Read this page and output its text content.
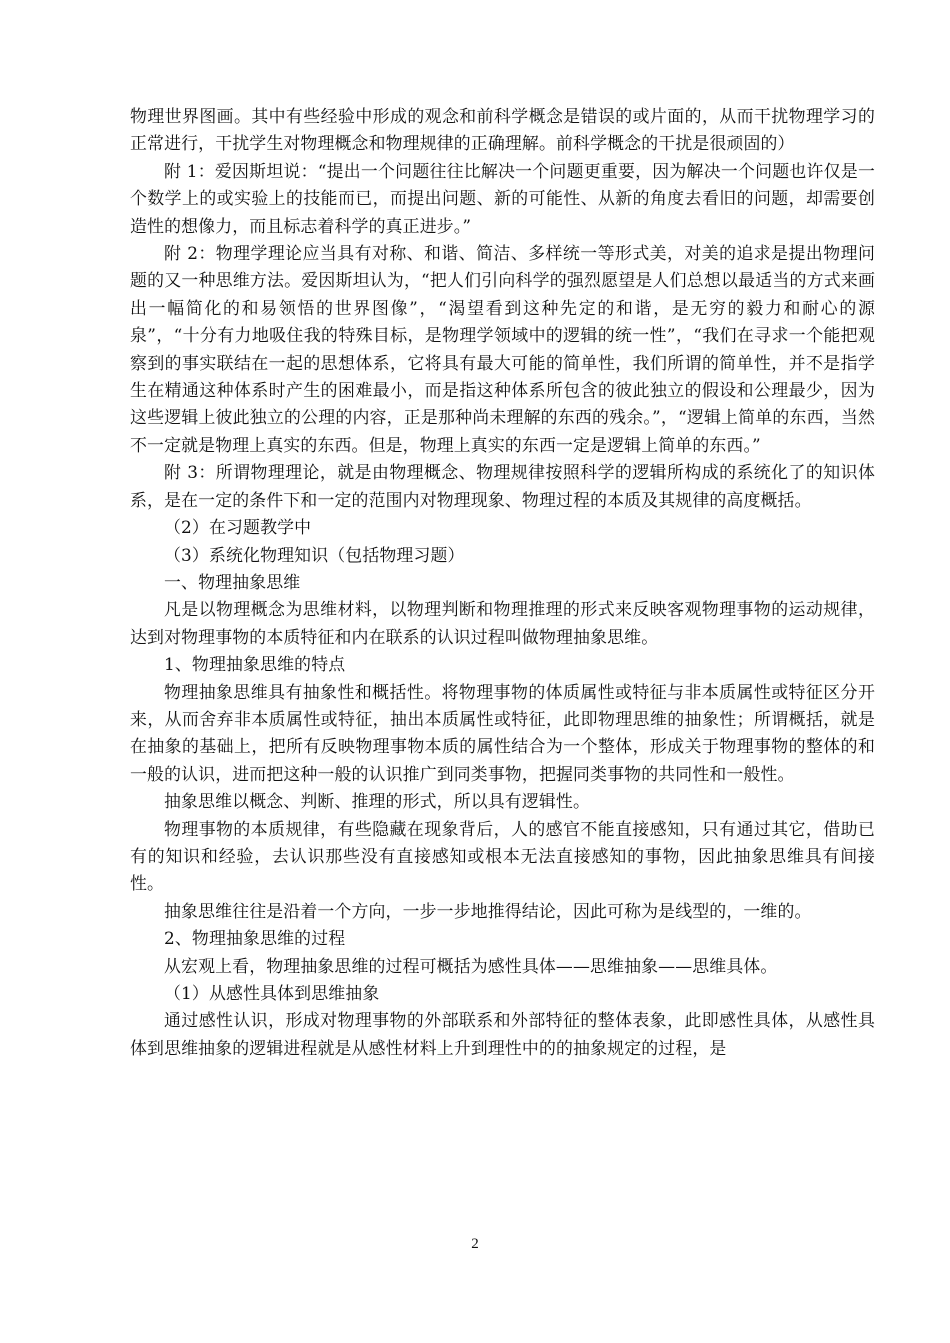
物理世界图画。其中有些经验中形成的观念和前科学概念是错误的或片面的，从而干扰物理学习的正常进行，干扰学生对物理概念和物理规律的正确理解。前科学概念的干扰是很顽固的）

附 1：爱因斯坦说：“提出一个问题往往比解决一个问题更重要，因为解决一个问题也许仅是一个数学上的或实验上的技能而已，而提出问题、新的可能性、从新的角度去看旧的问题，却需要创造性的想像力，而且标志着科学的真正进步。”

附 2：物理学理论应当具有对称、和谐、简洁、多样统一等形式美，对美的追求是提出物理问题的又一种思维方法。爱因斯坦认为，“把人们引向科学的强烈愿望是人们总想以最适当的方式来画出一幅简化的和易领悟的世界图像”，“渴望看到这种先定的和谐，是无穷的毅力和耐心的源泉”，“十分有力地吸住我的特殊目标，是物理学领域中的逻辑的统一性”，“我们在寻求一个能把观察到的事实联结在一起的思想体系，它将具有最大可能的简单性，我们所谓的简单性，并不是指学生在精通这种体系时产生的困难最小，而是指这种体系所包含的彼此独立的假设和公理最少，因为这些逻辑上彼此独立的公理的内容，正是那种尚未理解的东西的残余。”，“逻辑上简单的东西，当然不一定就是物理上真实的东西。但是，物理上真实的东西一定是逻辑上简单的东西。”

附 3：所谓物理理论，就是由物理概念、物理规律按照科学的逻辑所构成的系统化了的知识体系，是在一定的条件下和一定的范围内对物理现象、物理过程的本质及其规律的高度概括。

（2）在习题教学中

（3）系统化物理知识（包括物理习题）

一、物理抽象思维

凡是以物理概念为思维材料，以物理判断和物理推理的形式来反映客观物理事物的运动规律，达到对物理事物的本质特征和内在联系的认识过程叫做物理抽象思维。

1、物理抽象思维的特点

物理抽象思维具有抽象性和概括性。将物理事物的体质属性或特征与非本质属性或特征区分开来，从而舍弃非本质属性或特征，抽出本质属性或特征，此即物理思维的抽象性；所谓概括，就是在抽象的基础上，把所有反映物理事物本质的属性结合为一个整体，形成关于物理事物的整体的和一般的认识，进而把这种一般的认识推广到同类事物，把握同类事物的共同性和一般性。

抽象思维以概念、判断、推理的形式，所以具有逻辑性。

物理事物的本质规律，有些隐藏在现象背后，人的感官不能直接感知，只有通过其它，借助已有的知识和经验，去认识那些没有直接感知或根本无法直接感知的事物，因此抽象思维具有间接性。

抽象思维往往是沿着一个方向，一步一步地推得结论，因此可称为是线型的，一维的。

2、物理抽象思维的过程

从宏观上看，物理抽象思维的过程可概括为感性具体——思维抽象——思维具体。

（1）从感性具体到思维抽象

通过感性认识，形成对物理事物的外部联系和外部特征的整体表象，此即感性具体，从感性具体到思维抽象的逻辑进程就是从感性材料上升到理性中的的抽象规定的过程，是

2
